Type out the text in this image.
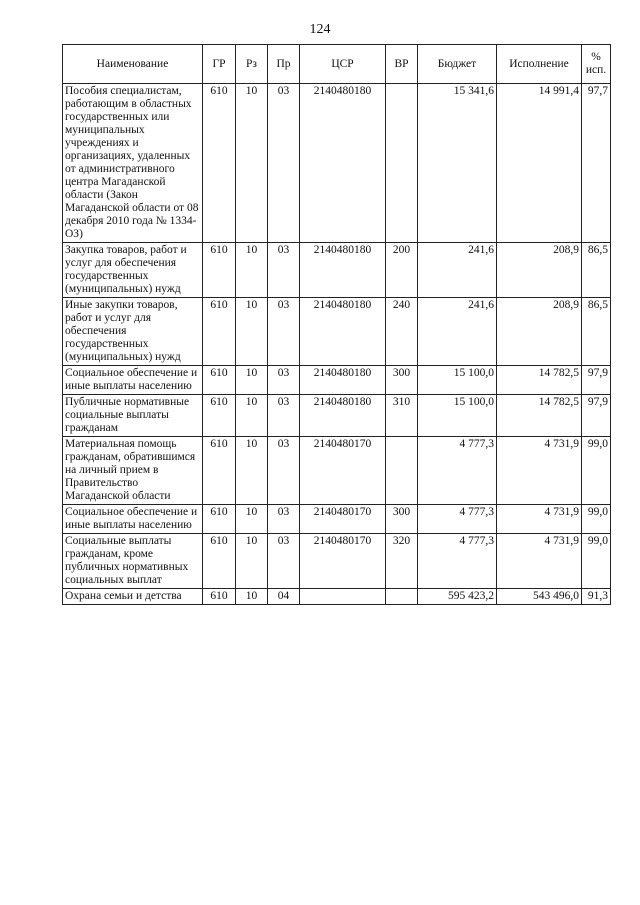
124
Наименование	ГР	Рз	Пр	ЦСР	ВР	Бюджет	Исполнение	% исп.
Пособия специалистам, работающим в областных государственных или муниципальных учреждениях и организациях, удаленных от административного центра Магаданской области (Закон Магаданской области от 08 декабря 2010 года № 1334-ОЗ)	610	10	03	2140480180		15 341,6	14 991,4	97,7
Закупка товаров, работ и услуг для обеспечения государственных (муниципальных) нужд	610	10	03	2140480180	200	241,6	208,9	86,5
Иные закупки товаров, работ и услуг для обеспечения государственных (муниципальных) нужд	610	10	03	2140480180	240	241,6	208,9	86,5
Социальное обеспечение и иные выплаты населению	610	10	03	2140480180	300	15 100,0	14 782,5	97,9
Публичные нормативные социальные выплаты гражданам	610	10	03	2140480180	310	15 100,0	14 782,5	97,9
Материальная помощь гражданам, обратившимся на личный прием в Правительство Магаданской области	610	10	03	2140480170		4 777,3	4 731,9	99,0
Социальное обеспечение и иные выплаты населению	610	10	03	2140480170	300	4 777,3	4 731,9	99,0
Социальные выплаты гражданам, кроме публичных нормативных социальных выплат	610	10	03	2140480170	320	4 777,3	4 731,9	99,0
Охрана семьи и детства	610	10	04			595 423,2	543 496,0	91,3
